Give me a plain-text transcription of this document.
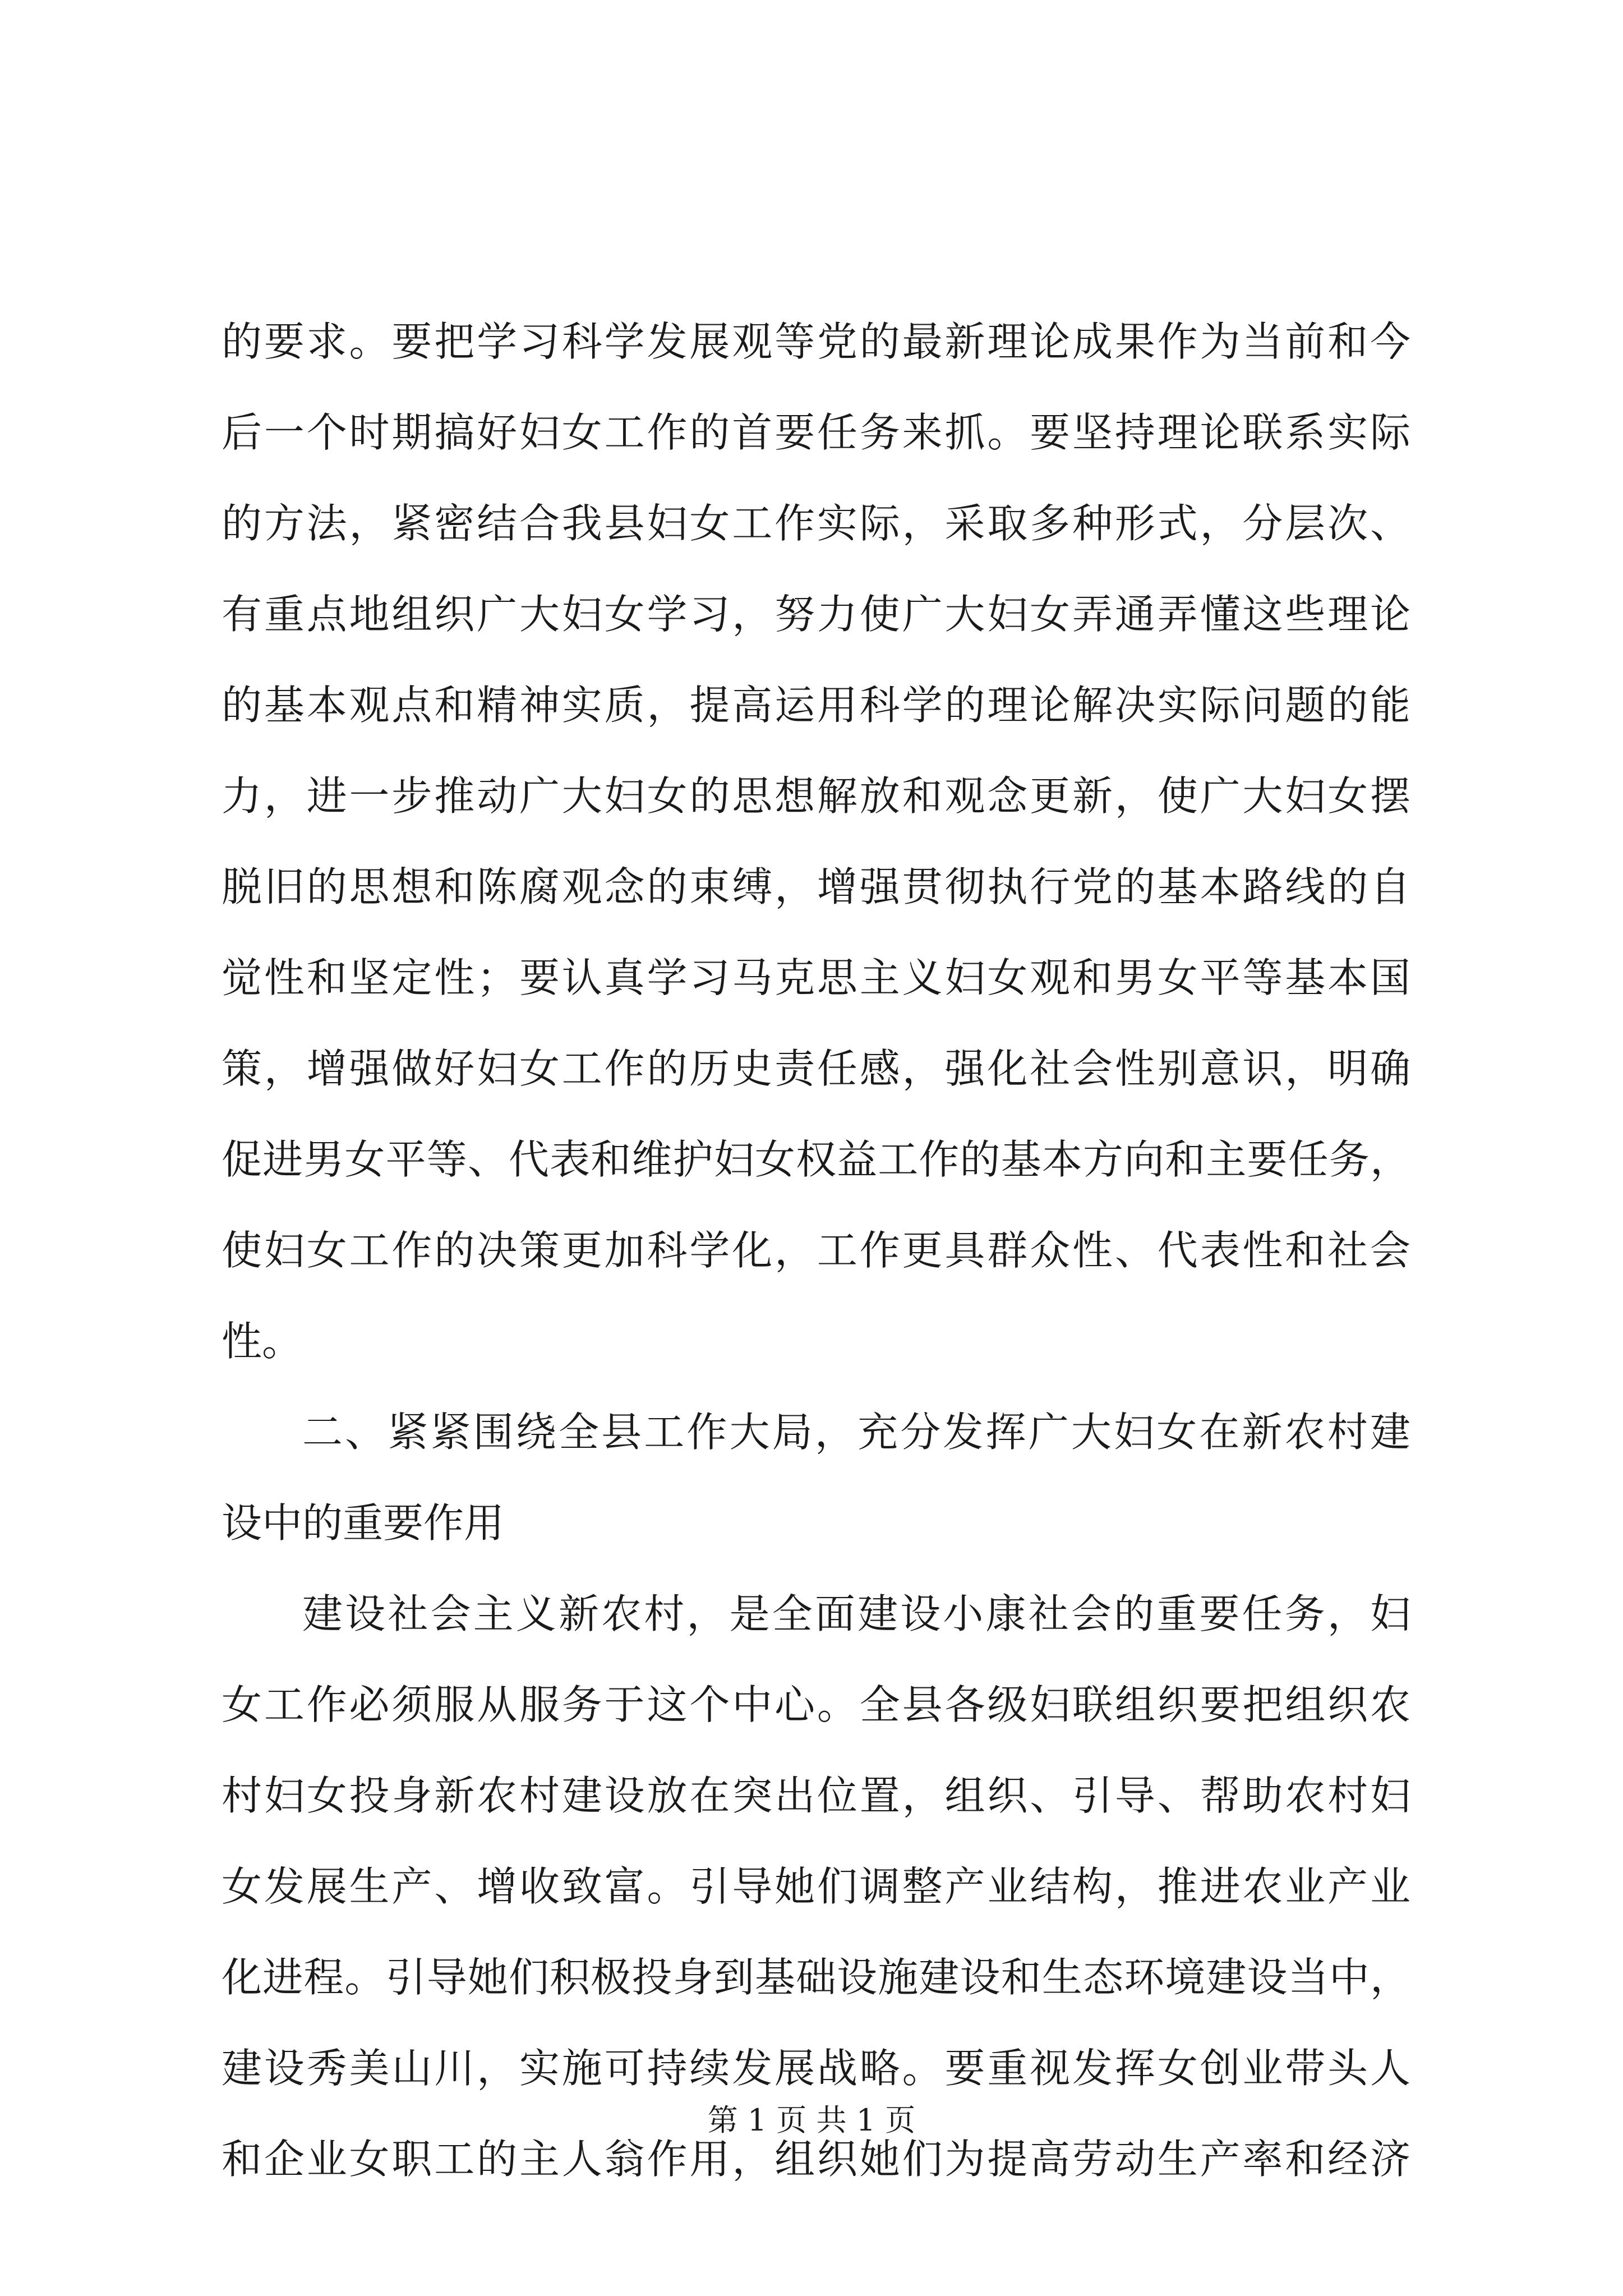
的要求。要把学习科学发展观等党的最新理论成果作为当前和今
后一个时期搞好妇女工作的首要任务来抓。要坚持理论联系实际
的方法，紧密结合我县妇女工作实际，采取多种形式，分层次、
有重点地组织广大妇女学习，努力使广大妇女弄通弄懂这些理论
的基本观点和精神实质，提高运用科学的理论解决实际问题的能
力，进一步推动广大妇女的思想解放和观念更新，使广大妇女摆
脱旧的思想和陈腐观念的束缚，增强贯彻执行党的基本路线的自
觉性和坚定性；要认真学习马克思主义妇女观和男女平等基本国
策，增强做好妇女工作的历史责任感，强化社会性别意识，明确
促进男女平等、代表和维护妇女权益工作的基本方向和主要任务，
使妇女工作的决策更加科学化，工作更具群众性、代表性和社会
性。
二、紧紧围绕全县工作大局，充分发挥广大妇女在新农村建
设中的重要作用
建设社会主义新农村，是全面建设小康社会的重要任务，妇
女工作必须服从服务于这个中心。全县各级妇联组织要把组织农
村妇女投身新农村建设放在突出位置，组织、引导、帮助农村妇
女发展生产、增收致富。引导她们调整产业结构，推进农业产业
化进程。引导她们积极投身到基础设施建设和生态环境建设当中，
建设秀美山川，实施可持续发展战略。要重视发挥女创业带头人
和企业女职工的主人翁作用，组织她们为提高劳动生产率和经济
第 1 页 共 1 页
